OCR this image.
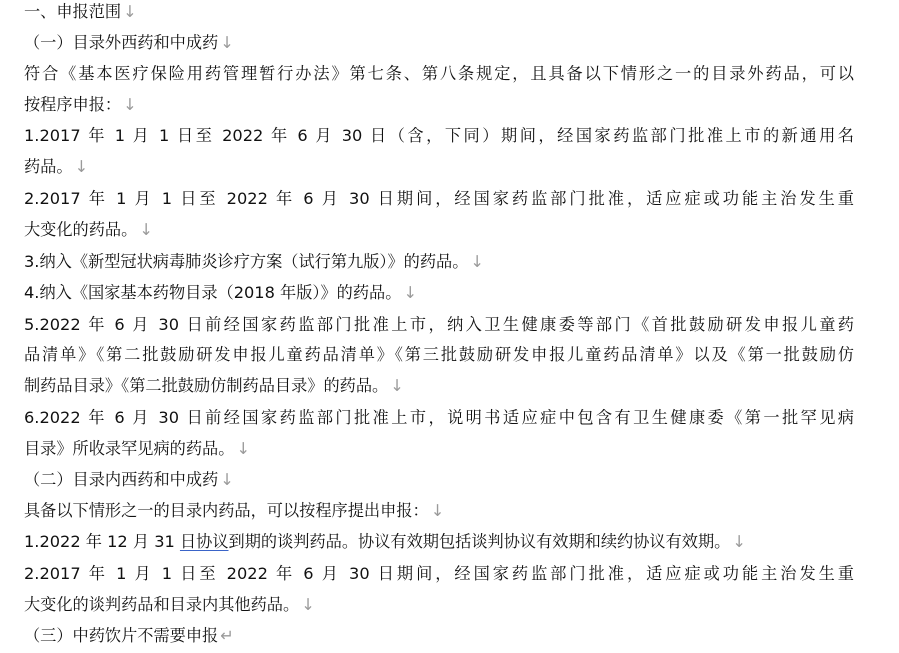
一、申报范围 ↓
（一）目录外西药和中成药 ↓
符合《基本医疗保险用药管理暂行办法》第七条、第八条规定，且具备以下情形之一的目录外药品，可以
按程序申报： ↓
1.2017 年 1 月 1 日至 2022 年 6 月 30 日（含，下同）期间，经国家药监部门批准上市的新通用名
药品。 ↓
2.2017 年 1 月 1 日至 2022 年 6 月 30 日期间，经国家药监部门批准，适应症或功能主治发生重
大变化的药品。 ↓
3.纳入《新型冠状病毒肺炎诊疗方案（试行第九版）》的药品。 ↓
4.纳入《国家基本药物目录（2018 年版）》的药品。 ↓
5.2022 年 6 月 30 日前经国家药监部门批准上市，纳入卫生健康委等部门《首批鼓励研发申报儿童药
品清单》《第二批鼓励研发申报儿童药品清单》《第三批鼓励研发申报儿童药品清单》以及《第一批鼓励仿
制药品目录》《第二批鼓励仿制药品目录》的药品。 ↓
6.2022 年 6 月 30 日前经国家药监部门批准上市，说明书适应症中包含有卫生健康委《第一批罕见病
目录》所收录罕见病的药品。 ↓
（二）目录内西药和中成药 ↓
具备以下情形之一的目录内药品，可以按程序提出申报： ↓
1.2022 年 12 月 31 日协议到期的谈判药品。协议有效期包括谈判协议有效期和续约协议有效期。 ↓
2.2017 年 1 月 1 日至 2022 年 6 月 30 日期间，经国家药监部门批准，适应症或功能主治发生重
大变化的谈判药品和目录内其他药品。 ↓
（三）中药饮片不需要申报 ↵
